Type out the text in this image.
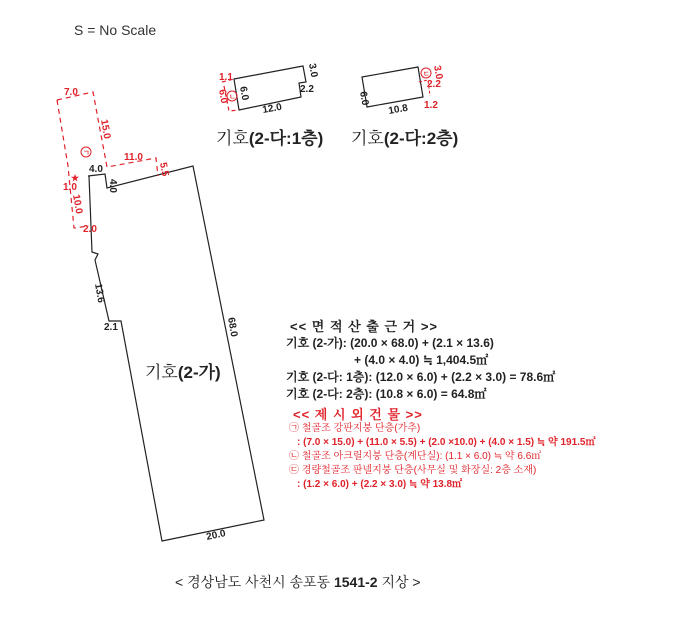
S = No Scale
4.0
4.0
68.0
20.0
2.1
13.6
7.0
15.0
11.0
5.5
1.0
10.0
2.0
ㄱ
★
6.0
12.0
2.2
3.0
1.1
6.0 ㄴ	6.0
10.8
ㄷ 3.0
2.2
1.2
기호(2-다:1층) 기호(2-다:2층)
기호(2-가)
<< 면 적 산 출 근 거 >>
기호 (2-가): (20.0 × 68.0) + (2.1 × 13.6)
+ (4.0 × 4.0) ≒ 1,404.5㎡
기호 (2-다: 1층): (12.0 × 6.0) + (2.2 × 3.0) = 78.6㎡
기호 (2-다: 2층): (10.8 × 6.0) = 64.8㎡
<< 제 시 외 건 물 >>
㉠ 철골조 강판지붕 단층(가추)
: (7.0 × 15.0) + (11.0 × 5.5) + (2.0 ×10.0) + (4.0 × 1.5) ≒ 약 191.5㎡
㉡ 철골조 아크릴지붕 단층(계단실): (1.1 × 6.0) ≒ 약 6.6㎡
㉢ 경량철골조 판넬지붕 단층(사무실 및 화장실: 2층 소재)
: (1.2 × 6.0) + (2.2 × 3.0) ≒ 약 13.8㎡
< 경상남도 사천시 송포동 1541-2 지상 >
